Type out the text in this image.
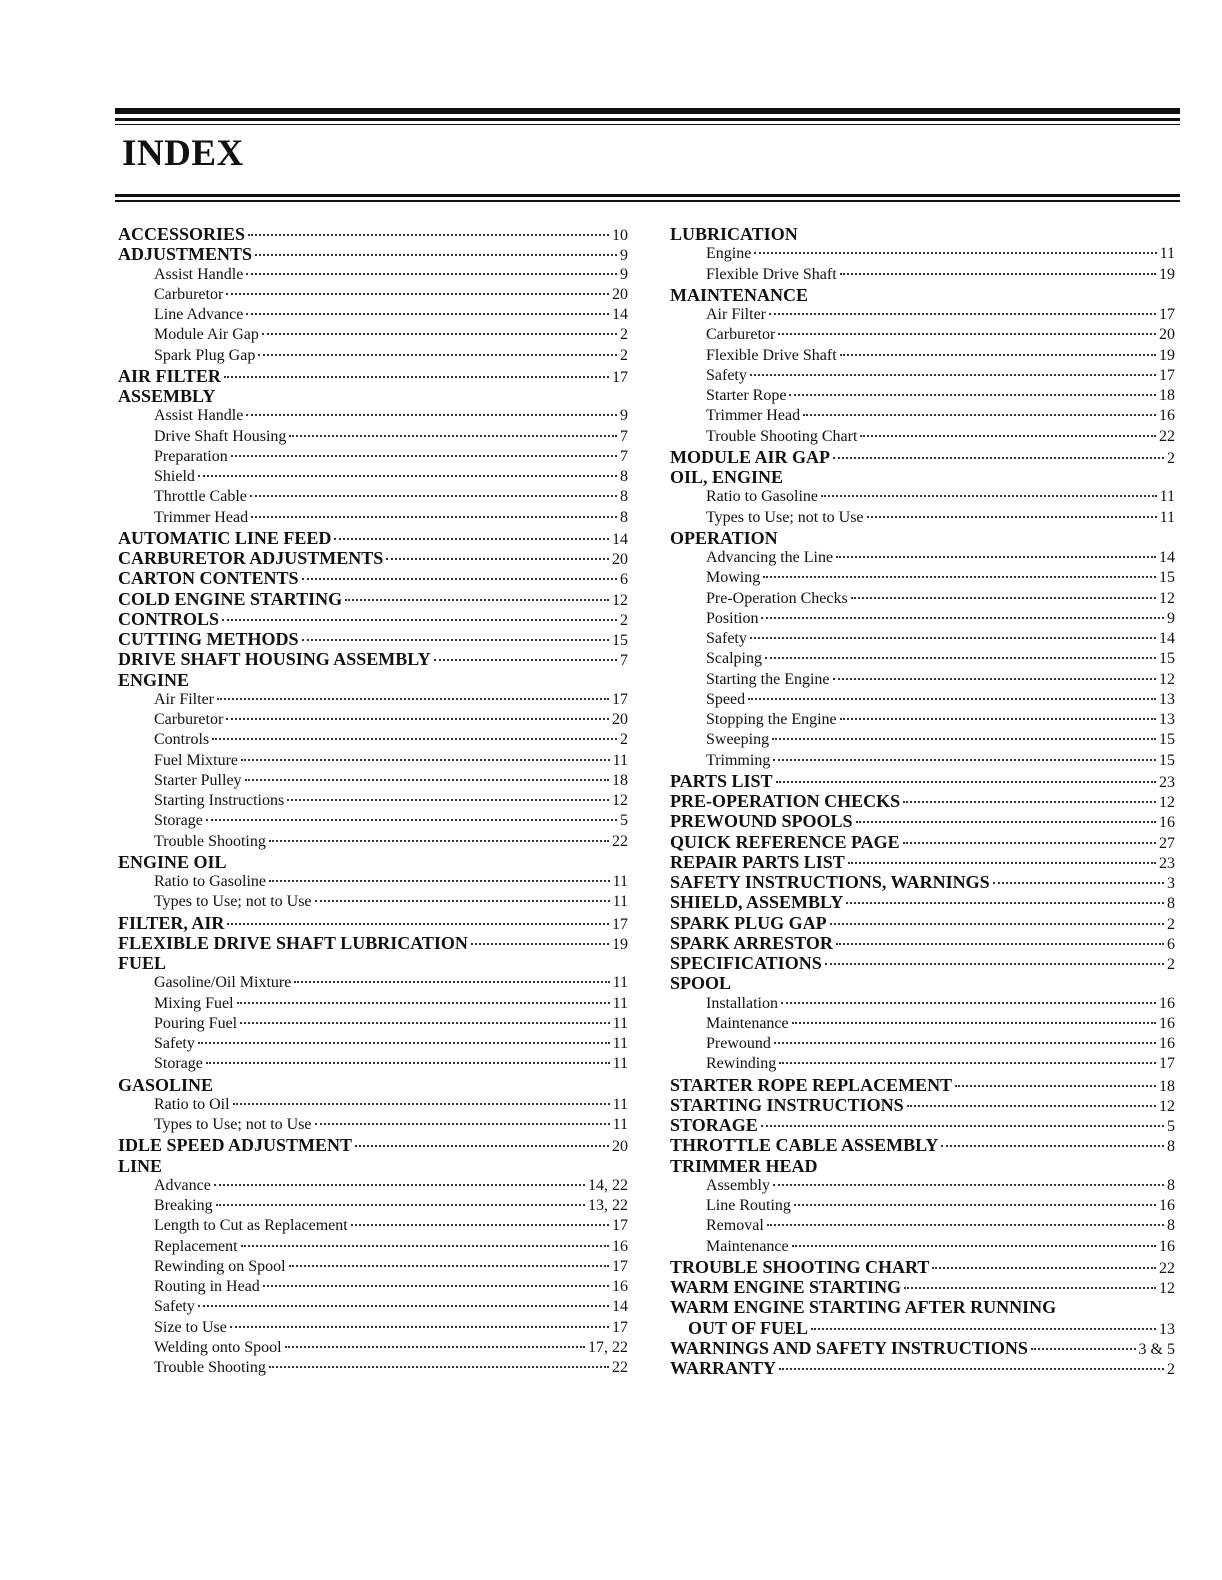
INDEX
ACCESSORIES	10
ADJUSTMENTS	9
Assist Handle	9
Carburetor	20
Line Advance	14
Module Air Gap	2
Spark Plug Gap	2
AIR FILTER	17
ASSEMBLY
Assist Handle	9
Drive Shaft Housing	7
Preparation	7
Shield	8
Throttle Cable	8
Trimmer Head	8
AUTOMATIC LINE FEED	14
CARBURETOR ADJUSTMENTS	20
CARTON CONTENTS	6
COLD ENGINE STARTING	12
CONTROLS	2
CUTTING METHODS	15
DRIVE SHAFT HOUSING ASSEMBLY	7
ENGINE
Air Filter	17
Carburetor	20
Controls	2
Fuel Mixture	11
Starter Pulley	18
Starting Instructions	12
Storage	5
Trouble Shooting	22
ENGINE OIL
Ratio to Gasoline	11
Types to Use; not to Use	11
FILTER, AIR	17
FLEXIBLE DRIVE SHAFT LUBRICATION	19
FUEL
Gasoline/Oil Mixture	11
Mixing Fuel	11
Pouring Fuel	11
Safety	11
Storage	11
GASOLINE
Ratio to Oil	11
Types to Use; not to Use	11
IDLE SPEED ADJUSTMENT	20
LINE
Advance	14, 22
Breaking	13, 22
Length to Cut as Replacement	17
Replacement	16
Rewinding on Spool	17
Routing in Head	16
Safety	14
Size to Use	17
Welding onto Spool	17, 22
Trouble Shooting	22
LUBRICATION
Engine	11
Flexible Drive Shaft	19
MAINTENANCE
Air Filter	17
Carburetor	20
Flexible Drive Shaft	19
Safety	17
Starter Rope	18
Trimmer Head	16
Trouble Shooting Chart	22
MODULE AIR GAP	2
OIL, ENGINE
Ratio to Gasoline	11
Types to Use; not to Use	11
OPERATION
Advancing the Line	14
Mowing	15
Pre-Operation Checks	12
Position	9
Safety	14
Scalping	15
Starting the Engine	12
Speed	13
Stopping the Engine	13
Sweeping	15
Trimming	15
PARTS LIST	23
PRE-OPERATION CHECKS	12
PREWOUND SPOOLS	16
QUICK REFERENCE PAGE	27
REPAIR PARTS LIST	23
SAFETY INSTRUCTIONS, WARNINGS	3
SHIELD, ASSEMBLY	8
SPARK PLUG GAP	2
SPARK ARRESTOR	6
SPECIFICATIONS	2
SPOOL
Installation	16
Maintenance	16
Prewound	16
Rewinding	17
STARTER ROPE REPLACEMENT	18
STARTING INSTRUCTIONS	12
STORAGE	5
THROTTLE CABLE ASSEMBLY	8
TRIMMER HEAD
Assembly	8
Line Routing	16
Removal	8
Maintenance	16
TROUBLE SHOOTING CHART	22
WARM ENGINE STARTING	12
WARM ENGINE STARTING AFTER RUNNING
OUT OF FUEL	13
WARNINGS AND SAFETY INSTRUCTIONS	3 & 5
WARRANTY	2
